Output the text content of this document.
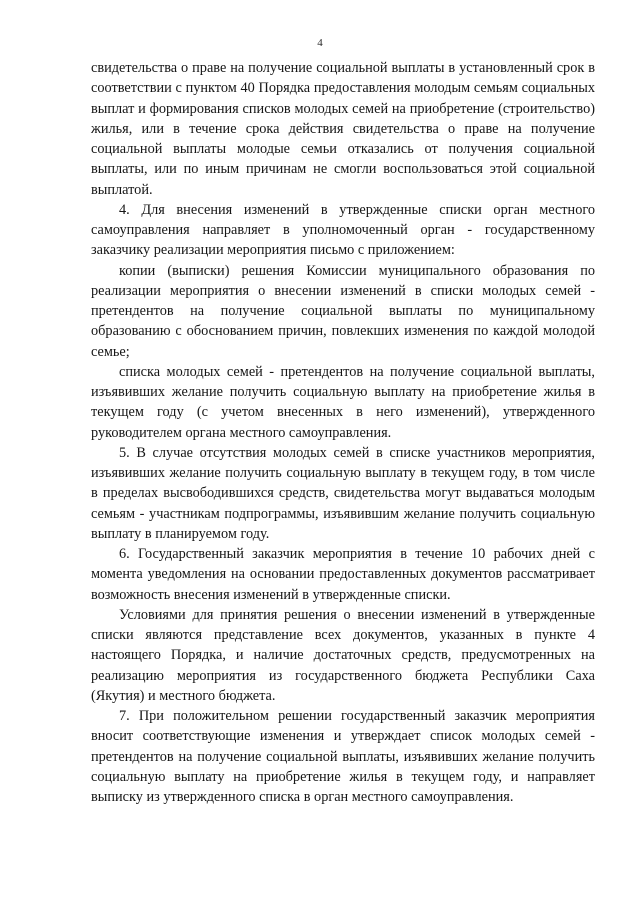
4

свидетельства о праве на получение социальной выплаты в установленный срок в соответствии с пунктом 40 Порядка предоставления молодым семьям социальных выплат и формирования списков молодых семей на приобретение (строительство) жилья, или в течение срока действия свидетельства о праве на получение социальной выплаты молодые семьи отказались от получения социальной выплаты, или по иным причинам не смогли воспользоваться этой социальной выплатой.

4. Для внесения изменений в утвержденные списки орган местного самоуправления направляет в уполномоченный орган - государственному заказчику реализации мероприятия письмо с приложением:

копии (выписки) решения Комиссии муниципального образования по реализации мероприятия о внесении изменений в списки молодых семей - претендентов на получение социальной выплаты по муниципальному образованию с обоснованием причин, повлекших изменения по каждой молодой семье;

списка молодых семей - претендентов на получение социальной выплаты, изъявивших желание получить социальную выплату на приобретение жилья в текущем году (с учетом внесенных в него изменений), утвержденного руководителем органа местного самоуправления.

5. В случае отсутствия молодых семей в списке участников мероприятия, изъявивших желание получить социальную выплату в текущем году, в том числе в пределах высвободившихся средств, свидетельства могут выдаваться молодым семьям - участникам подпрограммы, изъявившим желание получить социальную выплату в планируемом году.

6. Государственный заказчик мероприятия в течение 10 рабочих дней с момента уведомления на основании предоставленных документов рассматривает возможность внесения изменений в утвержденные списки.

Условиями для принятия решения о внесении изменений в утвержденные списки являются представление всех документов, указанных в пункте 4 настоящего Порядка, и наличие достаточных средств, предусмотренных на реализацию мероприятия из государственного бюджета Республики Саха (Якутия) и местного бюджета.

7. При положительном решении государственный заказчик мероприятия вносит соответствующие изменения и утверждает список молодых семей - претендентов на получение социальной выплаты, изъявивших желание получить социальную выплату на приобретение жилья в текущем году, и направляет выписку из утвержденного списка в орган местного самоуправления.
